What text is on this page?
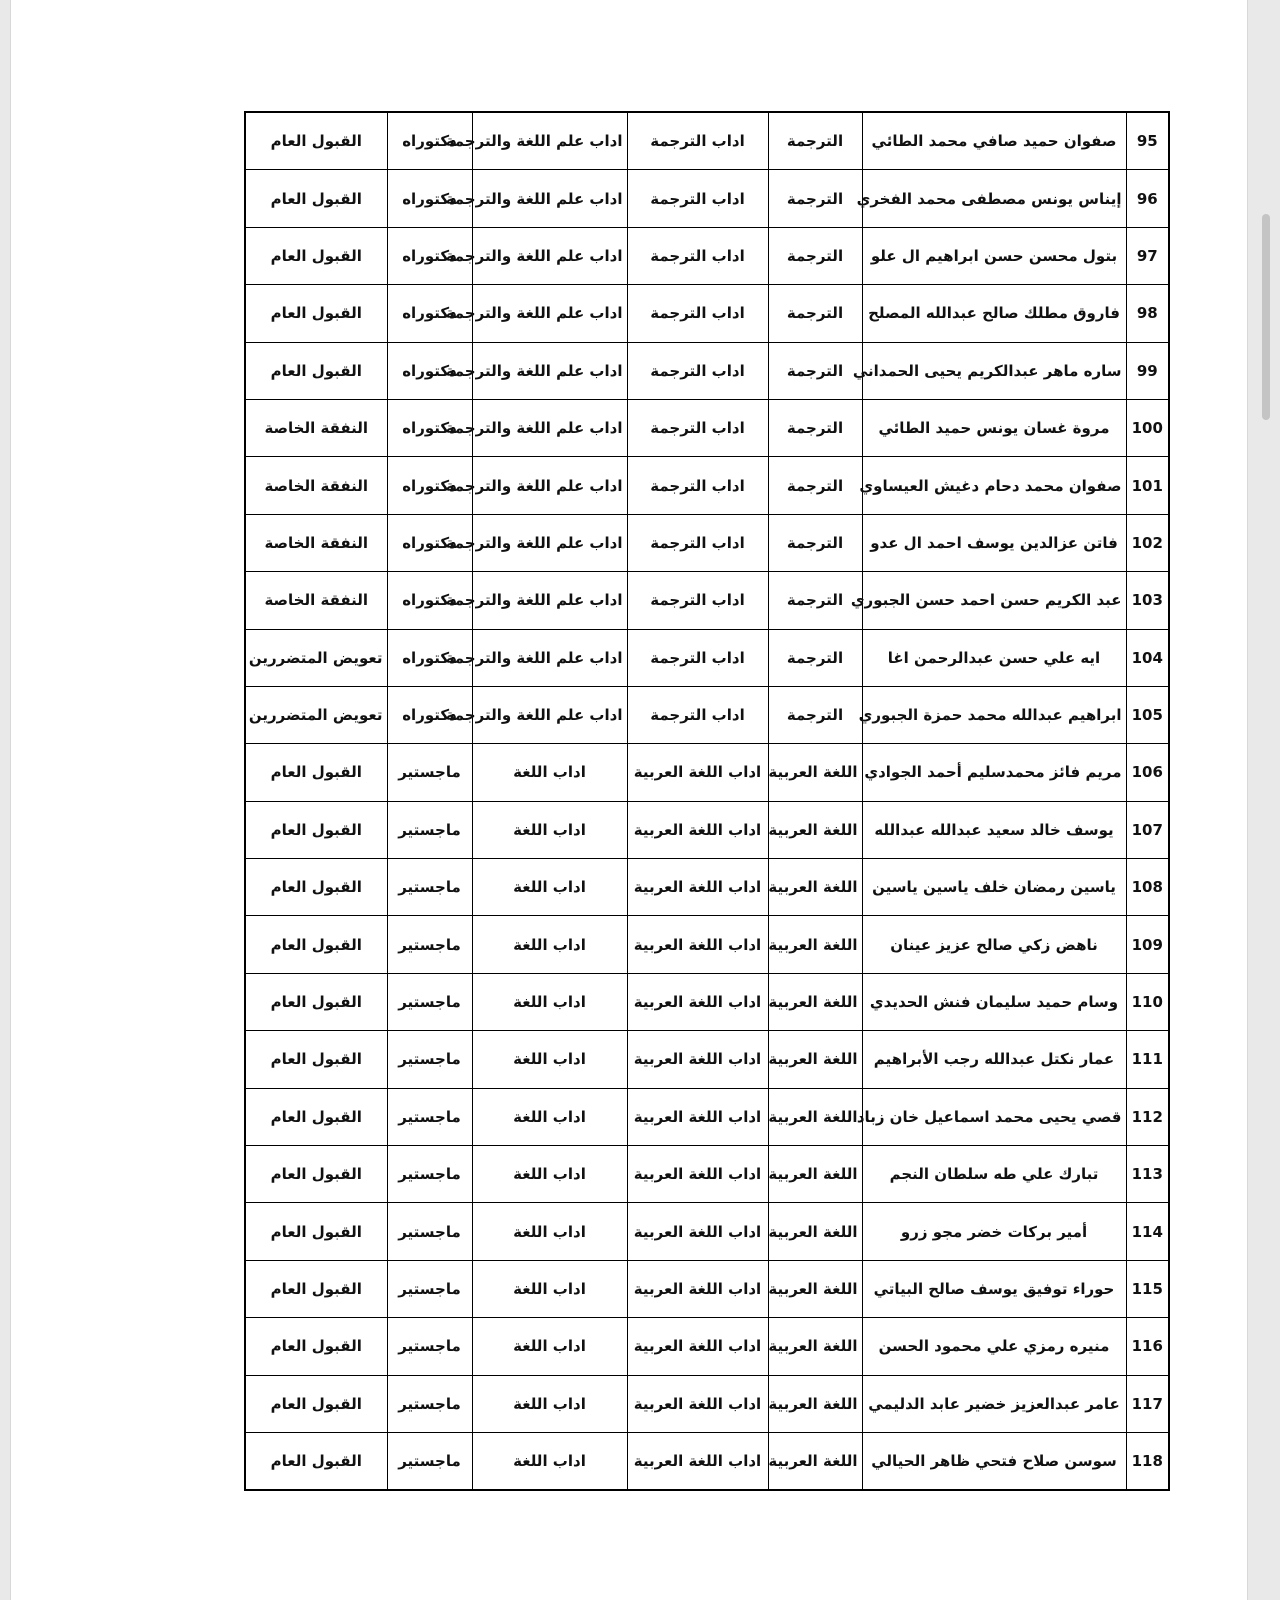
95	صفوان حميد صافي محمد الطائي	الترجمة	اداب الترجمة	اداب علم اللغة والترجمة	دكتوراه	القبول العام
96	إيناس يونس مصطفى محمد الفخري	الترجمة	اداب الترجمة	اداب علم اللغة والترجمة	دكتوراه	القبول العام
97	بتول محسن حسن ابراهيم ال علو	الترجمة	اداب الترجمة	اداب علم اللغة والترجمة	دكتوراه	القبول العام
98	فاروق مطلك صالح عبدالله المصلح	الترجمة	اداب الترجمة	اداب علم اللغة والترجمة	دكتوراه	القبول العام
99	ساره ماهر عبدالكريم يحيى الحمداني	الترجمة	اداب الترجمة	اداب علم اللغة والترجمة	دكتوراه	القبول العام
100	مروة غسان يونس حميد الطائي	الترجمة	اداب الترجمة	اداب علم اللغة والترجمة	دكتوراه	النفقة الخاصة
101	صفوان محمد دحام دغيش العيساوي	الترجمة	اداب الترجمة	اداب علم اللغة والترجمة	دكتوراه	النفقة الخاصة
102	فاتن عزالدين يوسف احمد ال عدو	الترجمة	اداب الترجمة	اداب علم اللغة والترجمة	دكتوراه	النفقة الخاصة
103	عبد الكريم حسن احمد حسن الجبوري	الترجمة	اداب الترجمة	اداب علم اللغة والترجمة	دكتوراه	النفقة الخاصة
104	ايه علي حسن عبدالرحمن اغا	الترجمة	اداب الترجمة	اداب علم اللغة والترجمة	دكتوراه	تعويض المتضررين
105	ابراهيم عبدالله محمد حمزة الجبوري	الترجمة	اداب الترجمة	اداب علم اللغة والترجمة	دكتوراه	تعويض المتضررين
106	مريم فائز محمدسليم أحمد الجوادي	اللغة العربية	اداب اللغة العربية	اداب اللغة	ماجستير	القبول العام
107	يوسف خالد سعيد عبدالله عبدالله	اللغة العربية	اداب اللغة العربية	اداب اللغة	ماجستير	القبول العام
108	ياسين رمضان خلف ياسين ياسين	اللغة العربية	اداب اللغة العربية	اداب اللغة	ماجستير	القبول العام
109	ناهض زكي صالح عزيز عينان	اللغة العربية	اداب اللغة العربية	اداب اللغة	ماجستير	القبول العام
110	وسام حميد سليمان فنش الحديدي	اللغة العربية	اداب اللغة العربية	اداب اللغة	ماجستير	القبول العام
111	عمار نكتل عبدالله رجب الأبراهيم	اللغة العربية	اداب اللغة العربية	اداب اللغة	ماجستير	القبول العام
112	قصي يحيى محمد اسماعيل خان زباد	اللغة العربية	اداب اللغة العربية	اداب اللغة	ماجستير	القبول العام
113	تبارك علي طه سلطان النجم	اللغة العربية	اداب اللغة العربية	اداب اللغة	ماجستير	القبول العام
114	أمير بركات خضر مجو زرو	اللغة العربية	اداب اللغة العربية	اداب اللغة	ماجستير	القبول العام
115	حوراء توفيق يوسف صالح البياتي	اللغة العربية	اداب اللغة العربية	اداب اللغة	ماجستير	القبول العام
116	منيره رمزي علي محمود الحسن	اللغة العربية	اداب اللغة العربية	اداب اللغة	ماجستير	القبول العام
117	عامر عبدالعزيز خضير عابد الدليمي	اللغة العربية	اداب اللغة العربية	اداب اللغة	ماجستير	القبول العام
118	سوسن صلاح فتحي ظاهر الحيالي	اللغة العربية	اداب اللغة العربية	اداب اللغة	ماجستير	القبول العام
